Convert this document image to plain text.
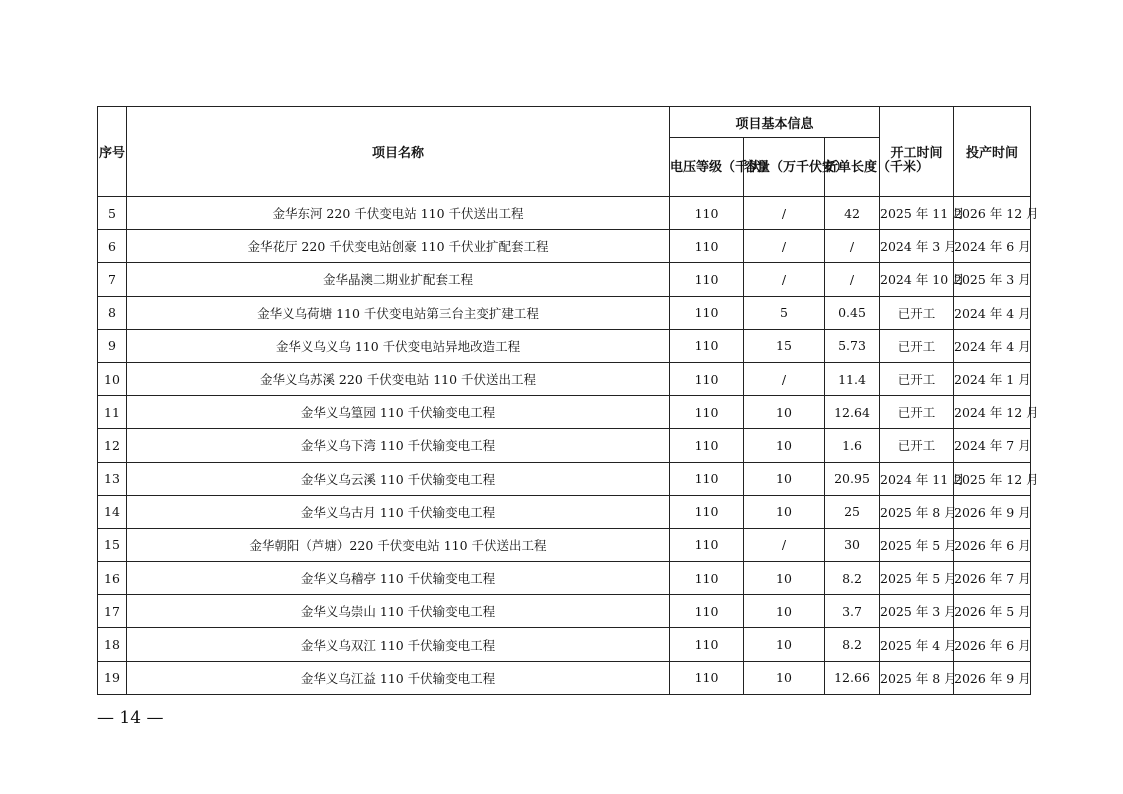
序号	项目名称	项目基本信息			开工时间	投产时间
		电压等级（千伏）	容量（万千伏安）	折单长度（千米）		
5	金华东河 220 千伏变电站 110 千伏送出工程	110	/	42	2025 年 11 月	2026 年 12 月
6	金华花厅 220 千伏变电站创豪 110 千伏业扩配套工程	110	/	/	2024 年 3 月	2024 年 6 月
7	金华晶澳二期业扩配套工程	110	/	/	2024 年 10 月	2025 年 3 月
8	金华义乌荷塘 110 千伏变电站第三台主变扩建工程	110	5	0.45	已开工	2024 年 4 月
9	金华义乌义乌 110 千伏变电站异地改造工程	110	15	5.73	已开工	2024 年 4 月
10	金华义乌苏溪 220 千伏变电站 110 千伏送出工程	110	/	11.4	已开工	2024 年 1 月
11	金华义乌篁园 110 千伏输变电工程	110	10	12.64	已开工	2024 年 12 月
12	金华义乌下湾 110 千伏输变电工程	110	10	1.6	已开工	2024 年 7 月
13	金华义乌云溪 110 千伏输变电工程	110	10	20.95	2024 年 11 月	2025 年 12 月
14	金华义乌古月 110 千伏输变电工程	110	10	25	2025 年 8 月	2026 年 9 月
15	金华朝阳（芦塘）220 千伏变电站 110 千伏送出工程	110	/	30	2025 年 5 月	2026 年 6 月
16	金华义乌稽亭 110 千伏输变电工程	110	10	8.2	2025 年 5 月	2026 年 7 月
17	金华义乌崇山 110 千伏输变电工程	110	10	3.7	2025 年 3 月	2026 年 5 月
18	金华义乌双江 110 千伏输变电工程	110	10	8.2	2025 年 4 月	2026 年 6 月
19	金华义乌江益 110 千伏输变电工程	110	10	12.66	2025 年 8 月	2026 年 9 月
— 14 —
